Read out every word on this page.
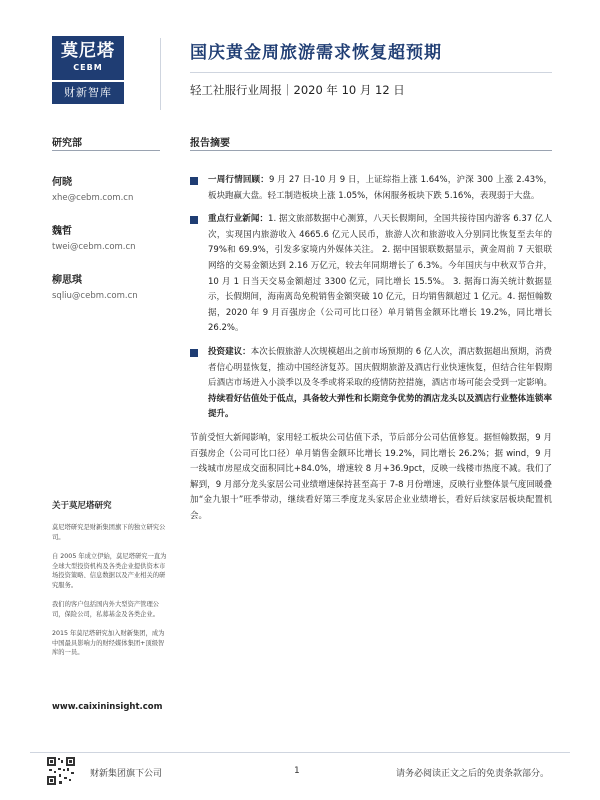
莫尼塔
CEBM
财新智库
国庆黄金周旅游需求恢复超预期
轻工社服行业周报｜2020 年 10 月 12 日
研究部	报告摘要
何晓
xhe@cebm.com.cn
魏哲
twei@cebm.com.cn
柳思琪
sqliu@cebm.com.cn
关于莫尼塔研究

莫尼塔研究是财新集团旗下的独立研究公司。

自 2005 年成立伊始，莫尼塔研究一直为全球大型投资机构及各类企业提供资本市场投资策略、信息数据以及产业相关的研究服务。

我们的客户包括国内外大型资产管理公司，保险公司，私募基金及各类企业。

2015 年莫尼塔研究加入财新集团，成为中国最具影响力的财经媒体集团+顶级智库的一员。

www.caixininsight.com
一周行情回顾：9 月 27 日-10 月 9 日，上证综指上涨 1.64%，沪深 300 上涨 2.43%，板块跑赢大盘。轻工制造板块上涨 1.05%，休闲服务板块下跌 5.16%，表现弱于大盘。
重点行业新闻：1. 据文旅部数据中心测算，八天长假期间，全国共接待国内游客 6.37 亿人次，实现国内旅游收入 4665.6 亿元人民币，旅游人次和旅游收入分别同比恢复至去年的 79%和 69.9%，引发多家境内外媒体关注。 2. 据中国银联数据显示，黄金周前 7 天银联网络的交易金额达到 2.16 万亿元，较去年同期增长了 6.3%。今年国庆与中秋双节合并，10 月 1 日当天交易金额超过 3300 亿元，同比增长 15.5%。 3. 据海口海关统计数据显示，长假期间，海南离岛免税销售金额突破 10 亿元，日均销售额超过 1 亿元。4. 据恒翰数据，2020 年 9 月百强房企（公司可比口径）单月销售金额环比增长 19.2%，同比增长 26.2%。
投资建议：本次长假旅游人次规模超出之前市场预期的 6 亿人次，酒店数据超出预期，消费者信心明显恢复，推动中国经济复苏。国庆假期旅游及酒店行业快速恢复，但结合往年假期后酒店市场进入小淡季以及冬季或将采取的疫情防控措施，酒店市场可能会受到一定影响。持续看好估值处于低点，具备较大弹性和长期竞争优势的酒店龙头以及酒店行业整体连锁率提升。

节前受恒大新闻影响，家用轻工板块公司估值下杀，节后部分公司估值修复。据恒翰数据，9 月百强房企（公司可比口径）单月销售金额环比增长 19.2%，同比增长 26.2%；据 wind，9 月一线城市房屋成交面积同比+84.0%，增速较 8 月+36.9pct，反映一线楼市热度不减。我们了解到，9 月部分龙头家居公司业绩增速保持甚至高于 7-8 月份增速，反映行业整体景气度回暖叠加“金九银十”旺季带动，继续看好第三季度龙头家居企业业绩增长，看好后续家居板块配置机会。

财新集团旗下公司	1	请务必阅读正文之后的免责条款部分。
